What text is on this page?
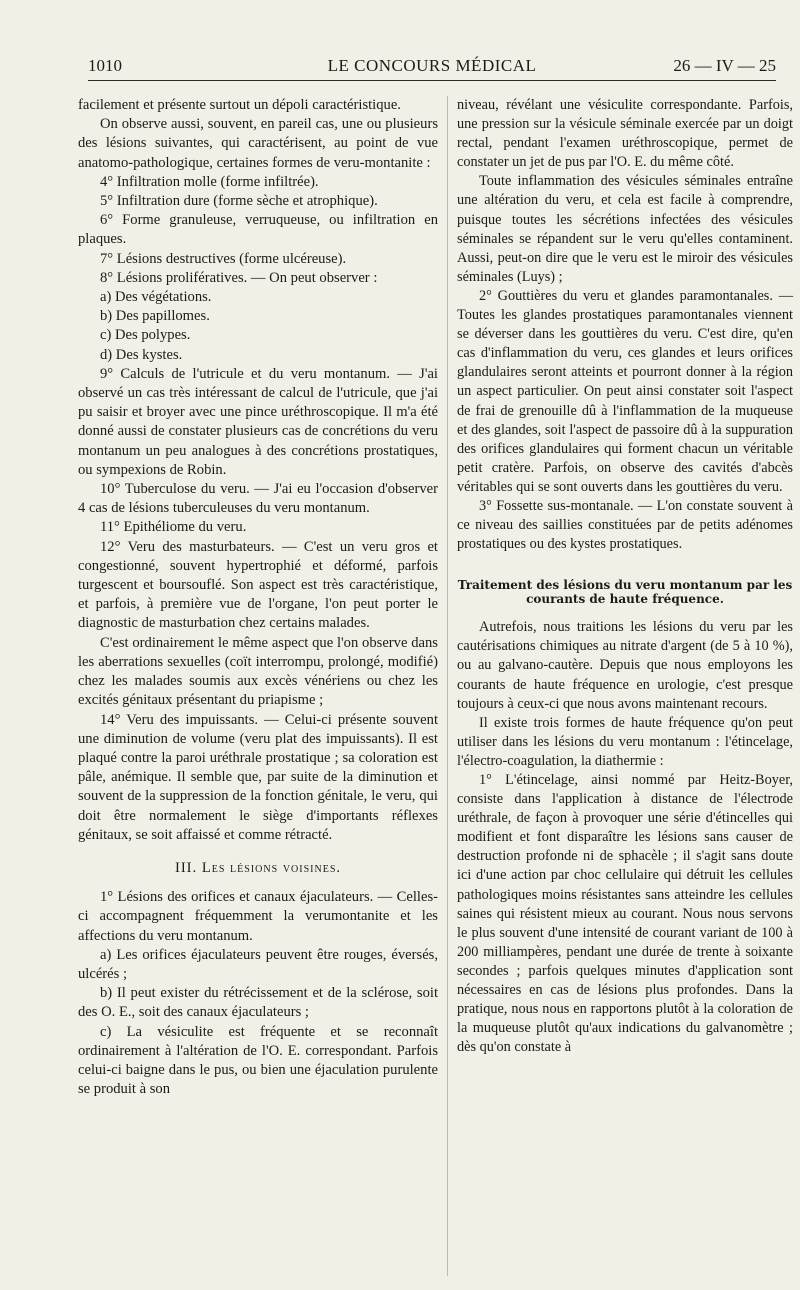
1010	LE CONCOURS MÉDICAL	26 — IV — 25

facilement et présente surtout un dépoli caractéristique.

On observe aussi, souvent, en pareil cas, une ou plusieurs des lésions suivantes, qui caractérisent, au point de vue anatomo-pathologique, certaines formes de veru-montanite :

4° Infiltration molle (forme infiltrée).

5° Infiltration dure (forme sèche et atrophique).

6° Forme granuleuse, verruqueuse, ou infiltration en plaques.

7° Lésions destructives (forme ulcéreuse).

8° Lésions prolifératives. — On peut observer :

a) Des végétations.

b) Des papillomes.

c) Des polypes.

d) Des kystes.

9° Calculs de l'utricule et du veru montanum. — J'ai observé un cas très intéressant de calcul de l'utricule, que j'ai pu saisir et broyer avec une pince uréthroscopique. Il m'a été donné aussi de constater plusieurs cas de concrétions du veru montanum un peu analogues à des concrétions prostatiques, ou sympexions de Robin.

10° Tuberculose du veru. — J'ai eu l'occasion d'observer 4 cas de lésions tuberculeuses du veru montanum.

11° Epithéliome du veru.

12° Veru des masturbateurs. — C'est un veru gros et congestionné, souvent hypertrophié et déformé, parfois turgescent et boursouflé. Son aspect est très caractéristique, et parfois, à première vue de l'organe, l'on peut porter le diagnostic de masturbation chez certains malades.

C'est ordinairement le même aspect que l'on observe dans les aberrations sexuelles (coït interrompu, prolongé, modifié) chez les malades soumis aux excès vénériens ou chez les excités génitaux présentant du priapisme ;

14° Veru des impuissants. — Celui-ci présente souvent une diminution de volume (veru plat des impuissants). Il est plaqué contre la paroi uréthrale prostatique ; sa coloration est pâle, anémique. Il semble que, par suite de la diminution et souvent de la suppression de la fonction génitale, le veru, qui doit être normalement le siège d'importants réflexes génitaux, se soit affaissé et comme rétracté.

III. Les lésions voisines.

1° Lésions des orifices et canaux éjaculateurs. — Celles-ci accompagnent fréquemment la verumontanite et les affections du veru montanum.

a) Les orifices éjaculateurs peuvent être rouges, éversés, ulcérés ;

b) Il peut exister du rétrécissement et de la sclérose, soit des O. E., soit des canaux éjaculateurs ;

c) La vésiculite est fréquente et se reconnaît ordinairement à l'altération de l'O. E. correspondant. Parfois celui-ci baigne dans le pus, ou bien une éjaculation purulente se produit à son

niveau, révélant une vésiculite correspondante. Parfois, une pression sur la vésicule séminale exercée par un doigt rectal, pendant l'examen uréthroscopique, permet de constater un jet de pus par l'O. E. du même côté.

Toute inflammation des vésicules séminales entraîne une altération du veru, et cela est facile à comprendre, puisque toutes les sécrétions infectées des vésicules séminales se répandent sur le veru qu'elles contaminent. Aussi, peut-on dire que le veru est le miroir des vésicules séminales (Luys) ;

2° Gouttières du veru et glandes paramontanales. — Toutes les glandes prostatiques paramontanales viennent se déverser dans les gouttières du veru. C'est dire, qu'en cas d'inflammation du veru, ces glandes et leurs orifices glandulaires seront atteints et pourront donner à la région un aspect particulier. On peut ainsi constater soit l'aspect de frai de grenouille dû à l'inflammation de la muqueuse et des glandes, soit l'aspect de passoire dû à la suppuration des orifices glandulaires qui forment chacun un véritable petit cratère. Parfois, on observe des cavités d'abcès véritables qui se sont ouverts dans les gouttières du veru.

3° Fossette sus-montanale. — L'on constate souvent à ce niveau des saillies constituées par de petits adénomes prostatiques ou des kystes prostatiques.

Traitement des lésions du veru montanum par les courants de haute fréquence.

Autrefois, nous traitions les lésions du veru par les cautérisations chimiques au nitrate d'argent (de 5 à 10 %), ou au galvano-cautère. Depuis que nous employons les courants de haute fréquence en urologie, c'est presque toujours à ceux-ci que nous avons maintenant recours.

Il existe trois formes de haute fréquence qu'on peut utiliser dans les lésions du veru montanum : l'étincelage, l'électro-coagulation, la diathermie :

1° L'étincelage, ainsi nommé par Heitz-Boyer, consiste dans l'application à distance de l'électrode uréthrale, de façon à provoquer une série d'étincelles qui modifient et font disparaître les lésions sans causer de destruction profonde ni de sphacèle ; il s'agit sans doute ici d'une action par choc cellulaire qui détruit les cellules pathologiques moins résistantes sans atteindre les cellules saines qui résistent mieux au courant. Nous nous servons le plus souvent d'une intensité de courant variant de 100 à 200 milliampères, pendant une durée de trente à soixante secondes ; parfois quelques minutes d'application sont nécessaires en cas de lésions plus profondes. Dans la pratique, nous nous en rapportons plutôt à la coloration de la muqueuse plutôt qu'aux indications du galvanomètre ; dès qu'on constate à
